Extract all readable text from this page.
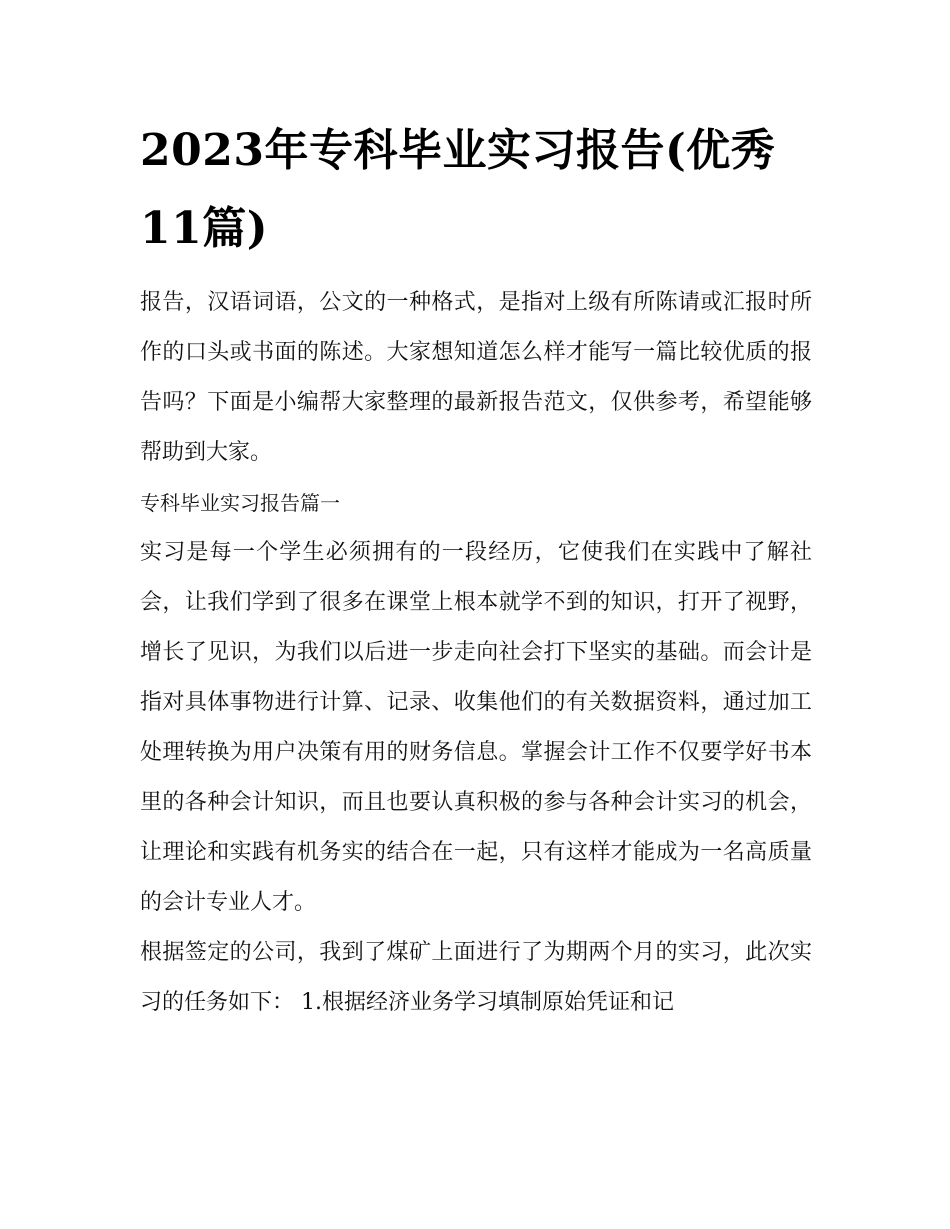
2023年专科毕业实习报告(优秀11篇)

报告，汉语词语，公文的一种格式，是指对上级有所陈请或汇报时所作的口头或书面的陈述。大家想知道怎么样才能写一篇比较优质的报告吗？下面是小编帮大家整理的最新报告范文，仅供参考，希望能够帮助到大家。

专科毕业实习报告篇一

实习是每一个学生必须拥有的一段经历，它使我们在实践中了解社会，让我们学到了很多在课堂上根本就学不到的知识，打开了视野，增长了见识，为我们以后进一步走向社会打下坚实的基础。而会计是指对具体事物进行计算、记录、收集他们的有关数据资料，通过加工处理转换为用户决策有用的财务信息。掌握会计工作不仅要学好书本里的各种会计知识，而且也要认真积极的参与各种会计实习的机会，让理论和实践有机务实的结合在一起，只有这样才能成为一名高质量的会计专业人才。

根据签定的公司，我到了煤矿上面进行了为期两个月的实习，此次实习的任务如下： 1.根据经济业务学习填制原始凭证和记
